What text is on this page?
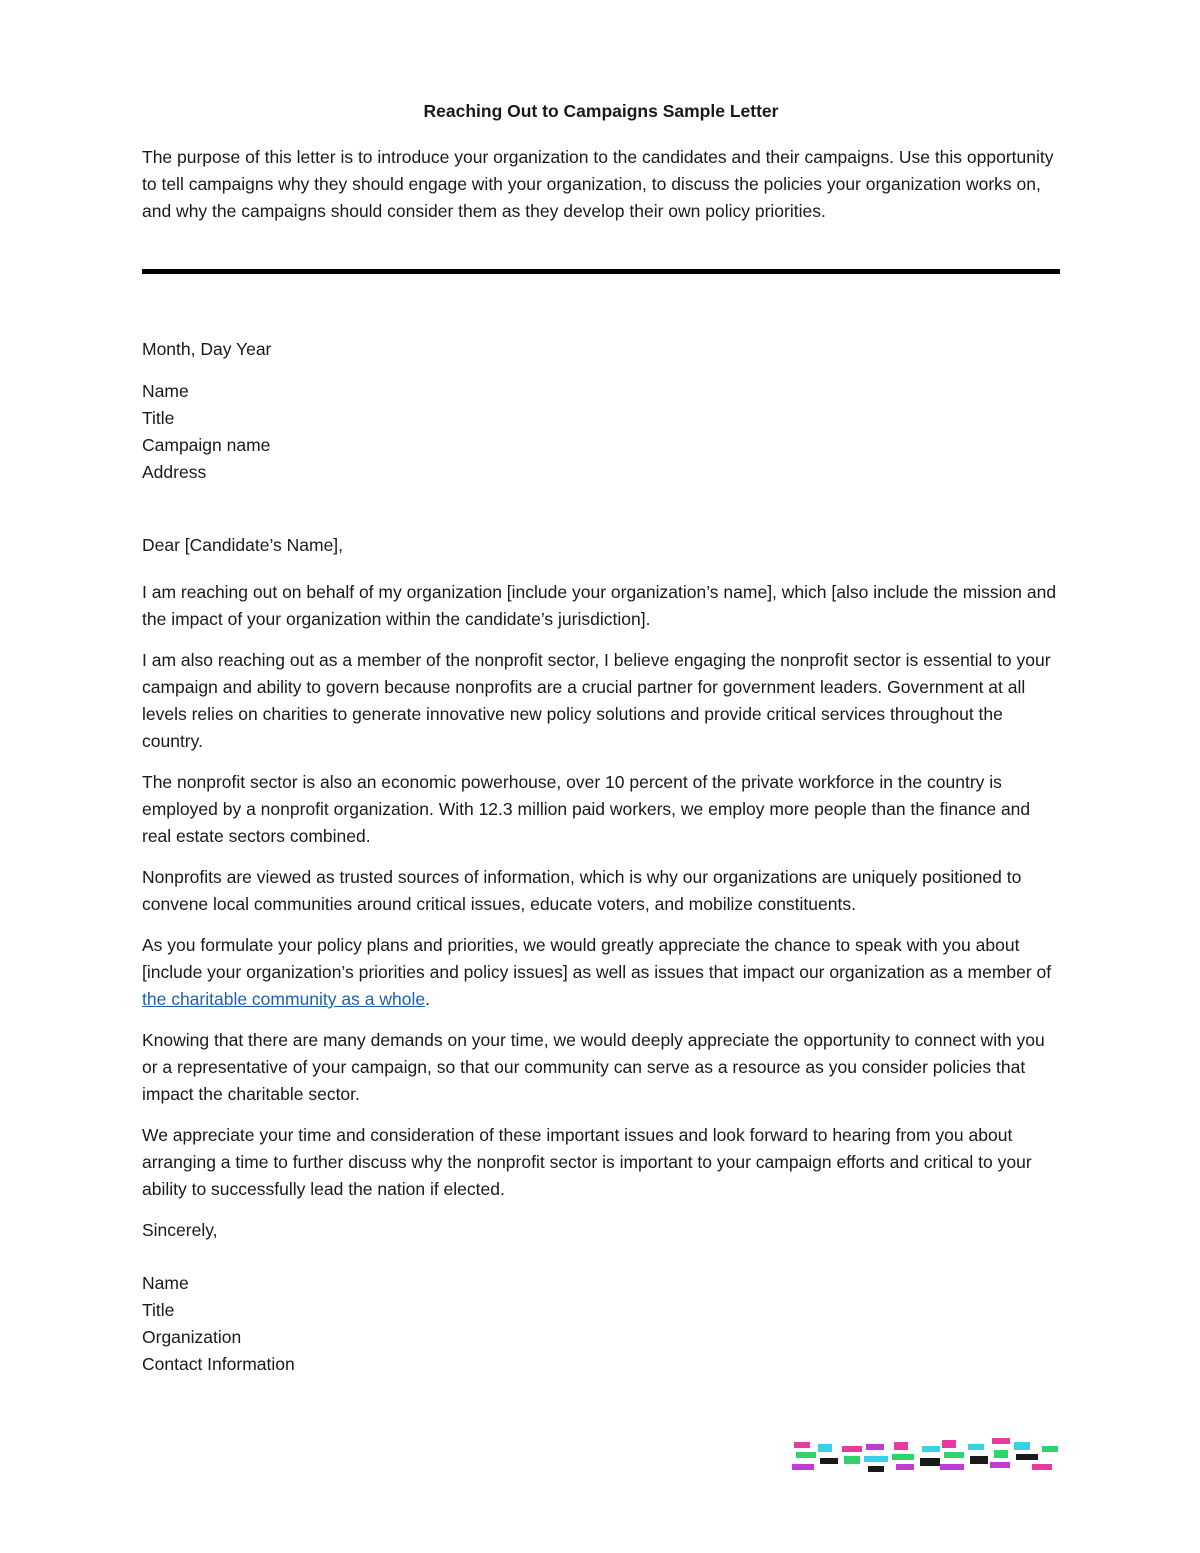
Reaching Out to Campaigns Sample Letter

The purpose of this letter is to introduce your organization to the candidates and their campaigns. Use this opportunity to tell campaigns why they should engage with your organization, to discuss the policies your organization works on, and why the campaigns should consider them as they develop their own policy priorities.

Month, Day Year

Name
Title
Campaign name
Address

Dear [Candidate’s Name],

I am reaching out on behalf of my organization [include your organization’s name], which [also include the mission and the impact of your organization within the candidate’s jurisdiction].

I am also reaching out as a member of the nonprofit sector, I believe engaging the nonprofit sector is essential to your campaign and ability to govern because nonprofits are a crucial partner for government leaders. Government at all levels relies on charities to generate innovative new policy solutions and provide critical services throughout the country.

The nonprofit sector is also an economic powerhouse, over 10 percent of the private workforce in the country is employed by a nonprofit organization. With 12.3 million paid workers, we employ more people than the finance and real estate sectors combined.

Nonprofits are viewed as trusted sources of information, which is why our organizations are uniquely positioned to convene local communities around critical issues, educate voters, and mobilize constituents.

As you formulate your policy plans and priorities, we would greatly appreciate the chance to speak with you about [include your organization’s priorities and policy issues] as well as issues that impact our organization as a member of the charitable community as a whole.

Knowing that there are many demands on your time, we would deeply appreciate the opportunity to connect with you or a representative of your campaign, so that our community can serve as a resource as you consider policies that impact the charitable sector.

We appreciate your time and consideration of these important issues and look forward to hearing from you about arranging a time to further discuss why the nonprofit sector is important to your campaign efforts and critical to your ability to successfully lead the nation if elected.

Sincerely,

Name
Title
Organization
Contact Information
